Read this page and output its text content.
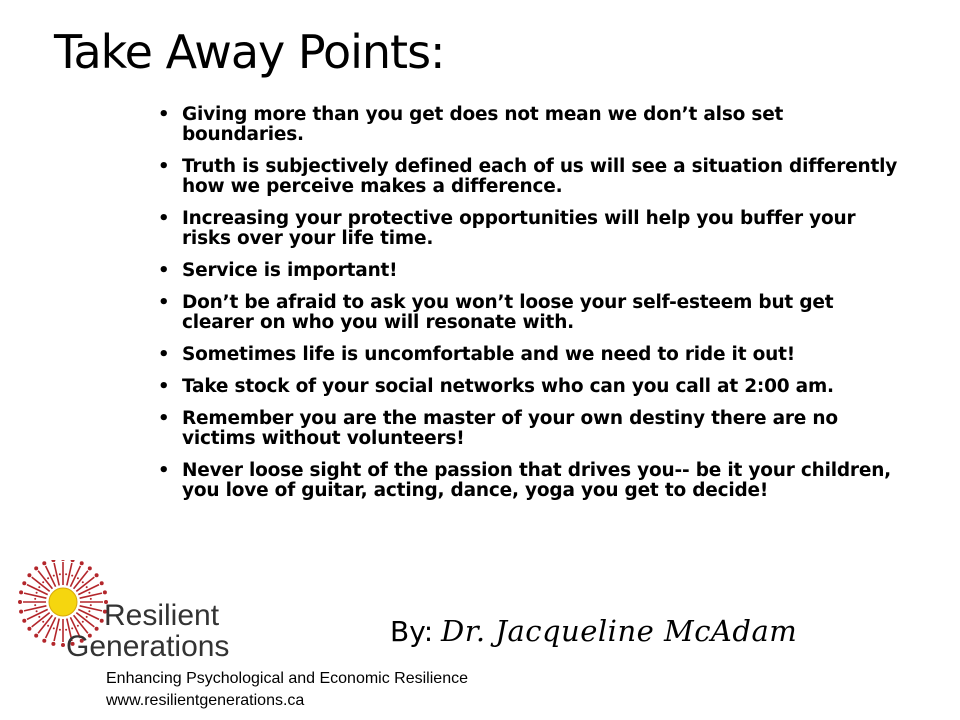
Take Away Points:
• Giving more than you get does not mean we don’t also set boundaries.
• Truth is subjectively defined each of us will see a situation differently how we perceive makes a difference.
• Increasing your protective opportunities will help you buffer your risks over your life time.
• Service is important!
• Don’t be afraid to ask you won’t loose your self-esteem but get clearer on who you will resonate with.
• Sometimes life is uncomfortable and we need to ride it out!
• Take stock of your social networks who can you call at 2:00 am.
• Remember you are the master of your own destiny there are no victims without volunteers!
• Never loose sight of the passion that drives you-- be it your children, you love of guitar, acting, dance, yoga you get to decide!
Resilient
Generations
Enhancing Psychological and Economic Resilience
www.resilientgenerations.ca
By: Dr. Jacqueline McAdam
